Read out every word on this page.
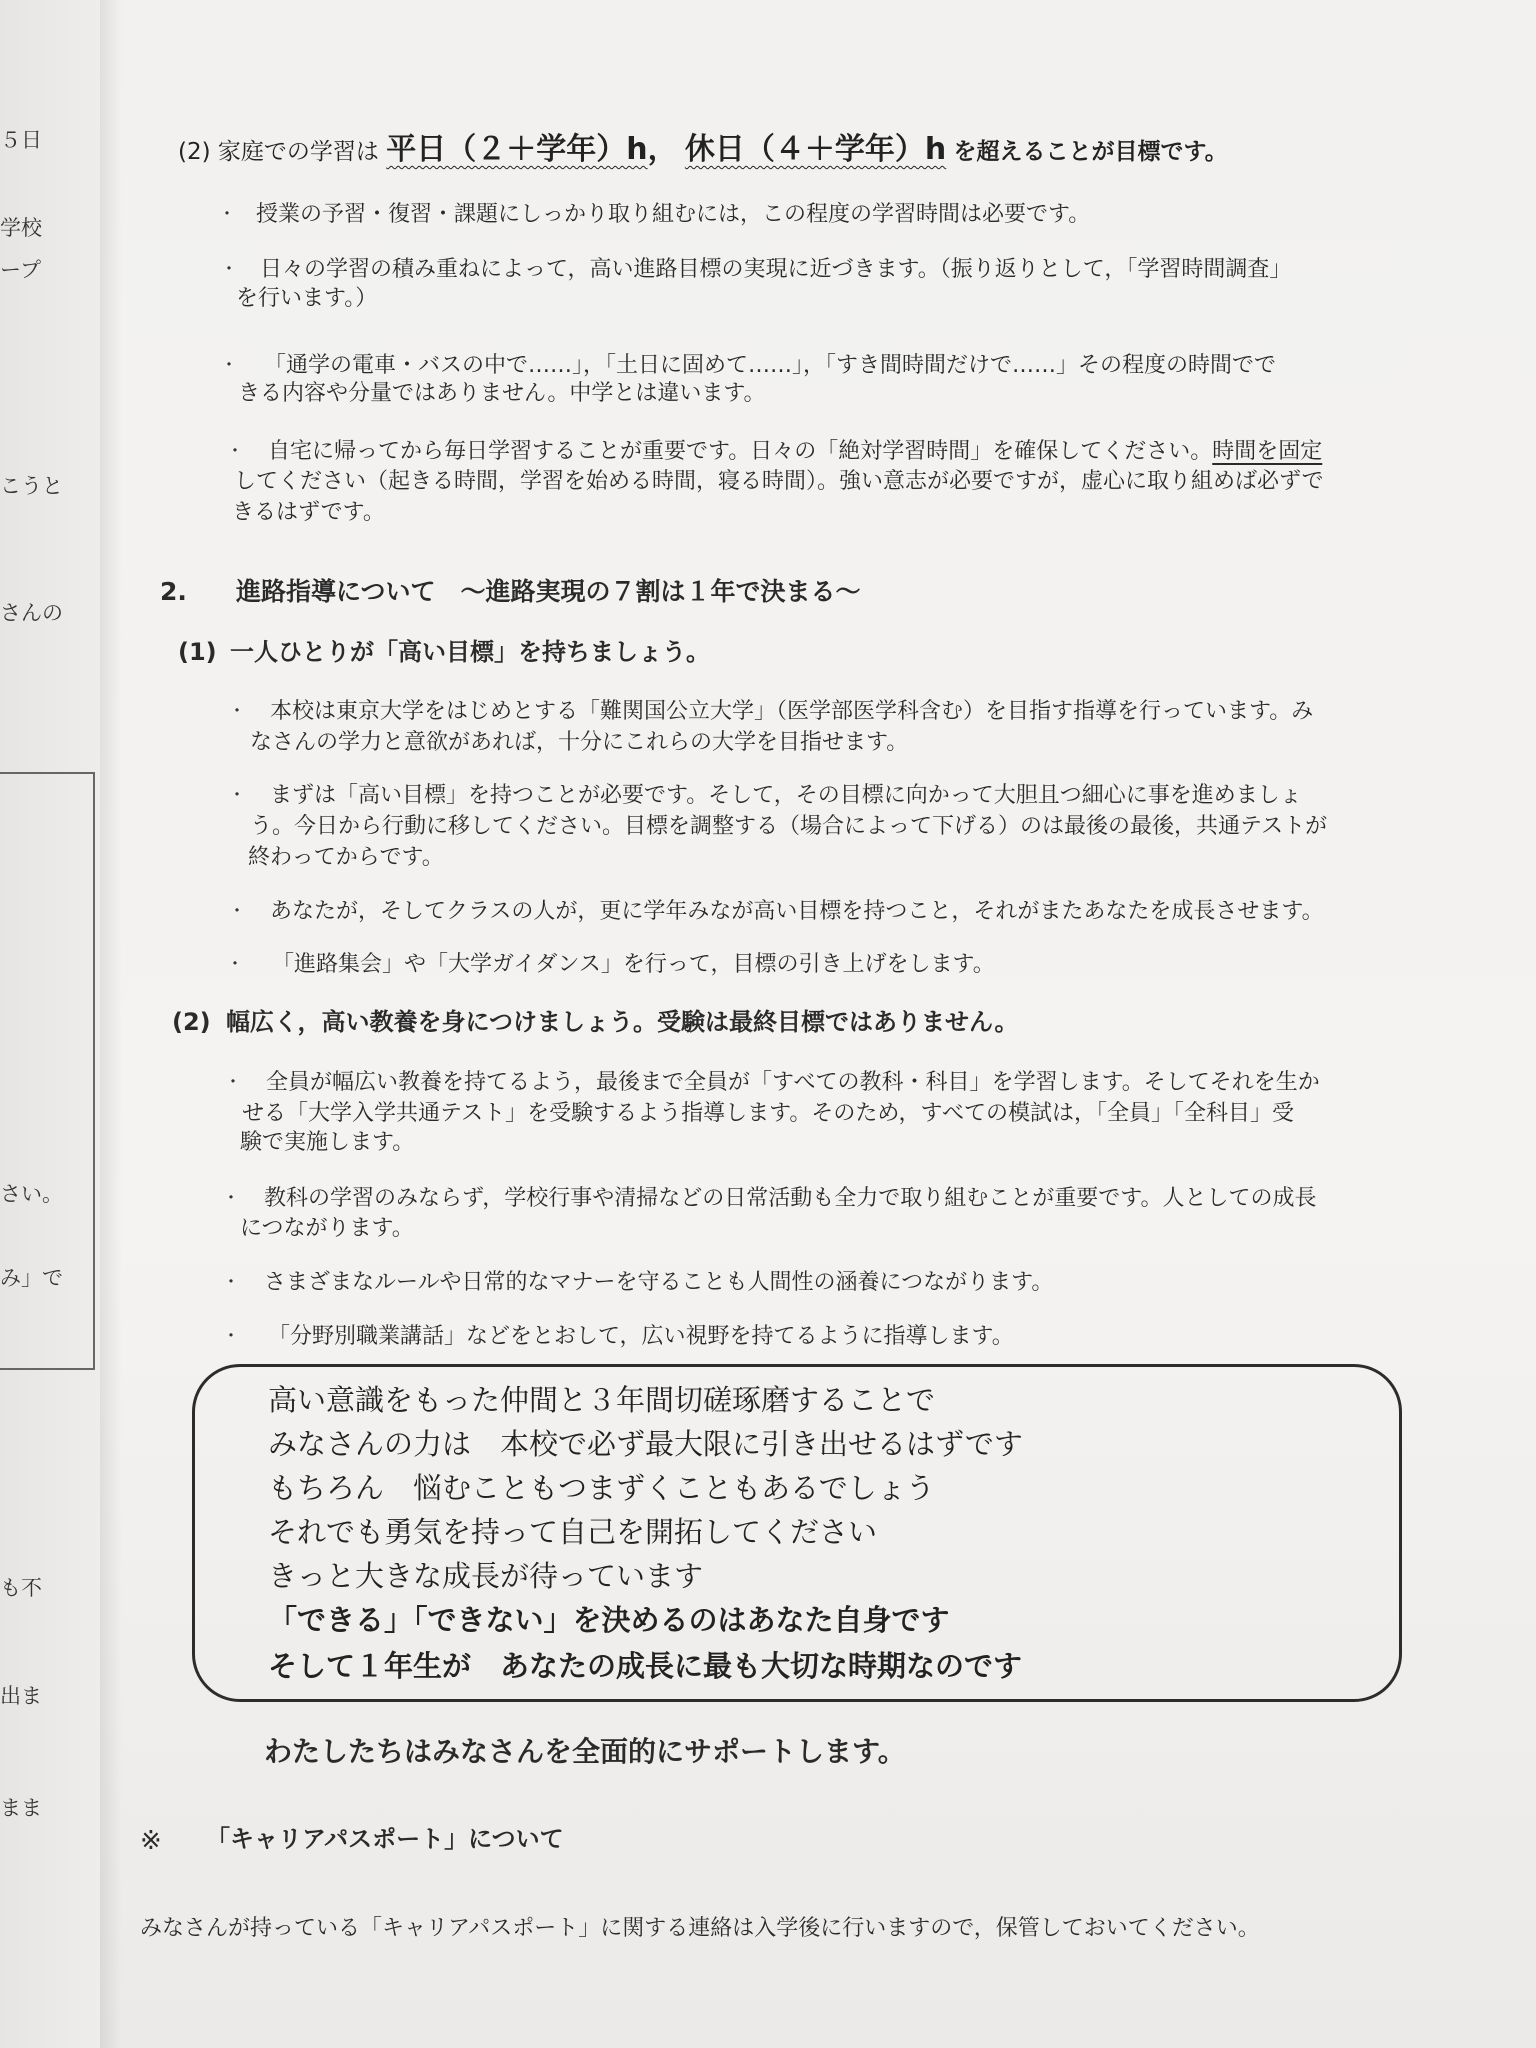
５日
学校
ープ
こうと
さんの
さい。
み」で
も不
出ま
まま
(2) 家庭での学習は 平日（２＋学年）h， 休日（４＋学年）h を超えることが目標です。
・ 授業の予習・復習・課題にしっかり取り組むには，この程度の学習時間は必要です。
・ 日々の学習の積み重ねによって，高い進路目標の実現に近づきます。（振り返りとして，「学習時間調査」
を行います。）
・ 「通学の電車・バスの中で……」，「土日に固めて……」，「すき間時間だけで……」その程度の時間でで
きる内容や分量ではありません。中学とは違います。
・ 自宅に帰ってから毎日学習することが重要です。日々の「絶対学習時間」を確保してください。時間を固定
してください（起きる時間，学習を始める時間，寝る時間）。強い意志が必要ですが，虚心に取り組めば必ずで
きるはずです。
2. 進路指導について　～進路実現の７割は１年で決まる～
(1) 一人ひとりが「高い目標」を持ちましょう。
・ 本校は東京大学をはじめとする「難関国公立大学」（医学部医学科含む）を目指す指導を行っています。み
なさんの学力と意欲があれば，十分にこれらの大学を目指せます。
・ まずは「高い目標」を持つことが必要です。そして，その目標に向かって大胆且つ細心に事を進めましょ
う。今日から行動に移してください。目標を調整する（場合によって下げる）のは最後の最後，共通テストが
終わってからです。
・ あなたが，そしてクラスの人が，更に学年みなが高い目標を持つこと，それがまたあなたを成長させます。
・ 「進路集会」や「大学ガイダンス」を行って，目標の引き上げをします。
(2) 幅広く，高い教養を身につけましょう。受験は最終目標ではありません。
・ 全員が幅広い教養を持てるよう，最後まで全員が「すべての教科・科目」を学習します。そしてそれを生か
せる「大学入学共通テスト」を受験するよう指導します。そのため，すべての模試は，「全員」「全科目」受
験で実施します。
・ 教科の学習のみならず，学校行事や清掃などの日常活動も全力で取り組むことが重要です。人としての成長
につながります。
・ さまざまなルールや日常的なマナーを守ることも人間性の涵養につながります。
・ 「分野別職業講話」などをとおして，広い視野を持てるように指導します。
高い意識をもった仲間と３年間切磋琢磨することで
みなさんの力は　本校で必ず最大限に引き出せるはずです
もちろん　悩むこともつまずくこともあるでしょう
それでも勇気を持って自己を開拓してください
きっと大きな成長が待っています
「できる」「できない」を決めるのはあなた自身です
そして１年生が　あなたの成長に最も大切な時期なのです
わたしたちはみなさんを全面的にサポートします。
※ 「キャリアパスポート」について
みなさんが持っている「キャリアパスポート」に関する連絡は入学後に行いますので，保管しておいてください。
